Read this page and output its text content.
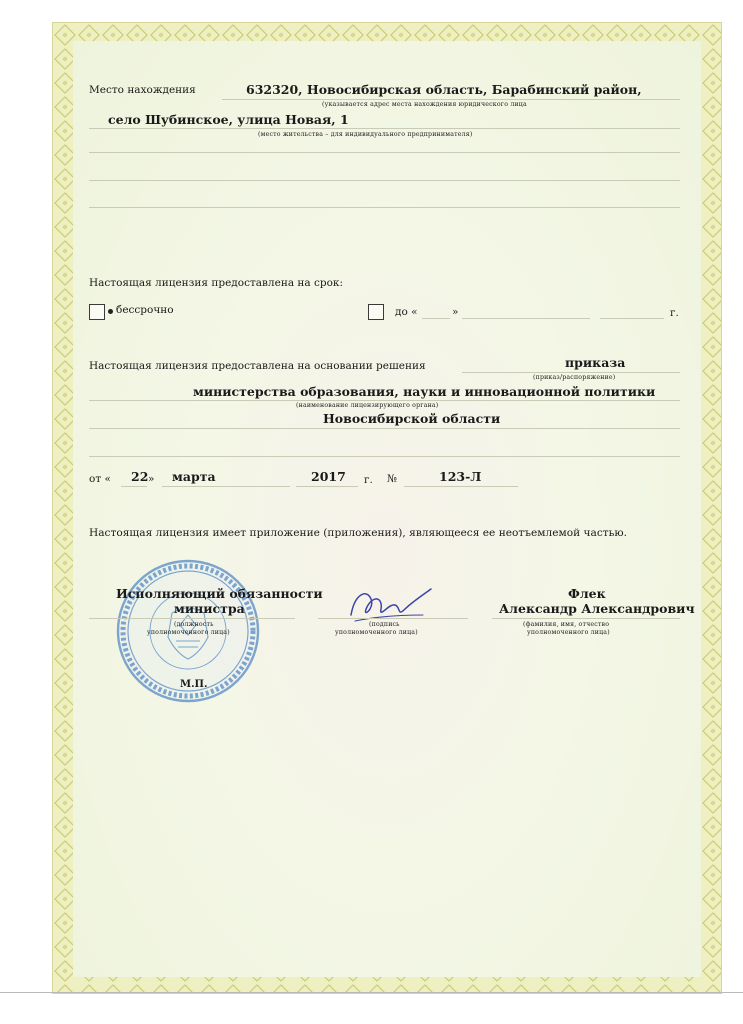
Место нахождения	632320, Новосибирская область, Барабинский район,
(указывается адрес места нахождения юридического лица
село Шубинское, улица Новая, 1
(место жительства – для индивидуального предпринимателя)
Настоящая лицензия предоставлена на срок:
бессрочно	до «	»	г.
Настоящая лицензия предоставлена на основании решения	приказа
(приказ/распоряжение)
министерства образования, науки и инновационной политики
(наименование лицензирующего органа)
Новосибирской области
от « 22 » марта	2017 г. №	123-Л
Настоящая лицензия имеет приложение (приложения), являющееся ее неотъемлемой частью.
Исполняющий обязанности
министра
(должность
уполномоченного лица)
(подпись
уполномоченного лица)
Флек
Александр Александрович
(фамилия, имя, отчество
уполномоченного лица)
М.П.
